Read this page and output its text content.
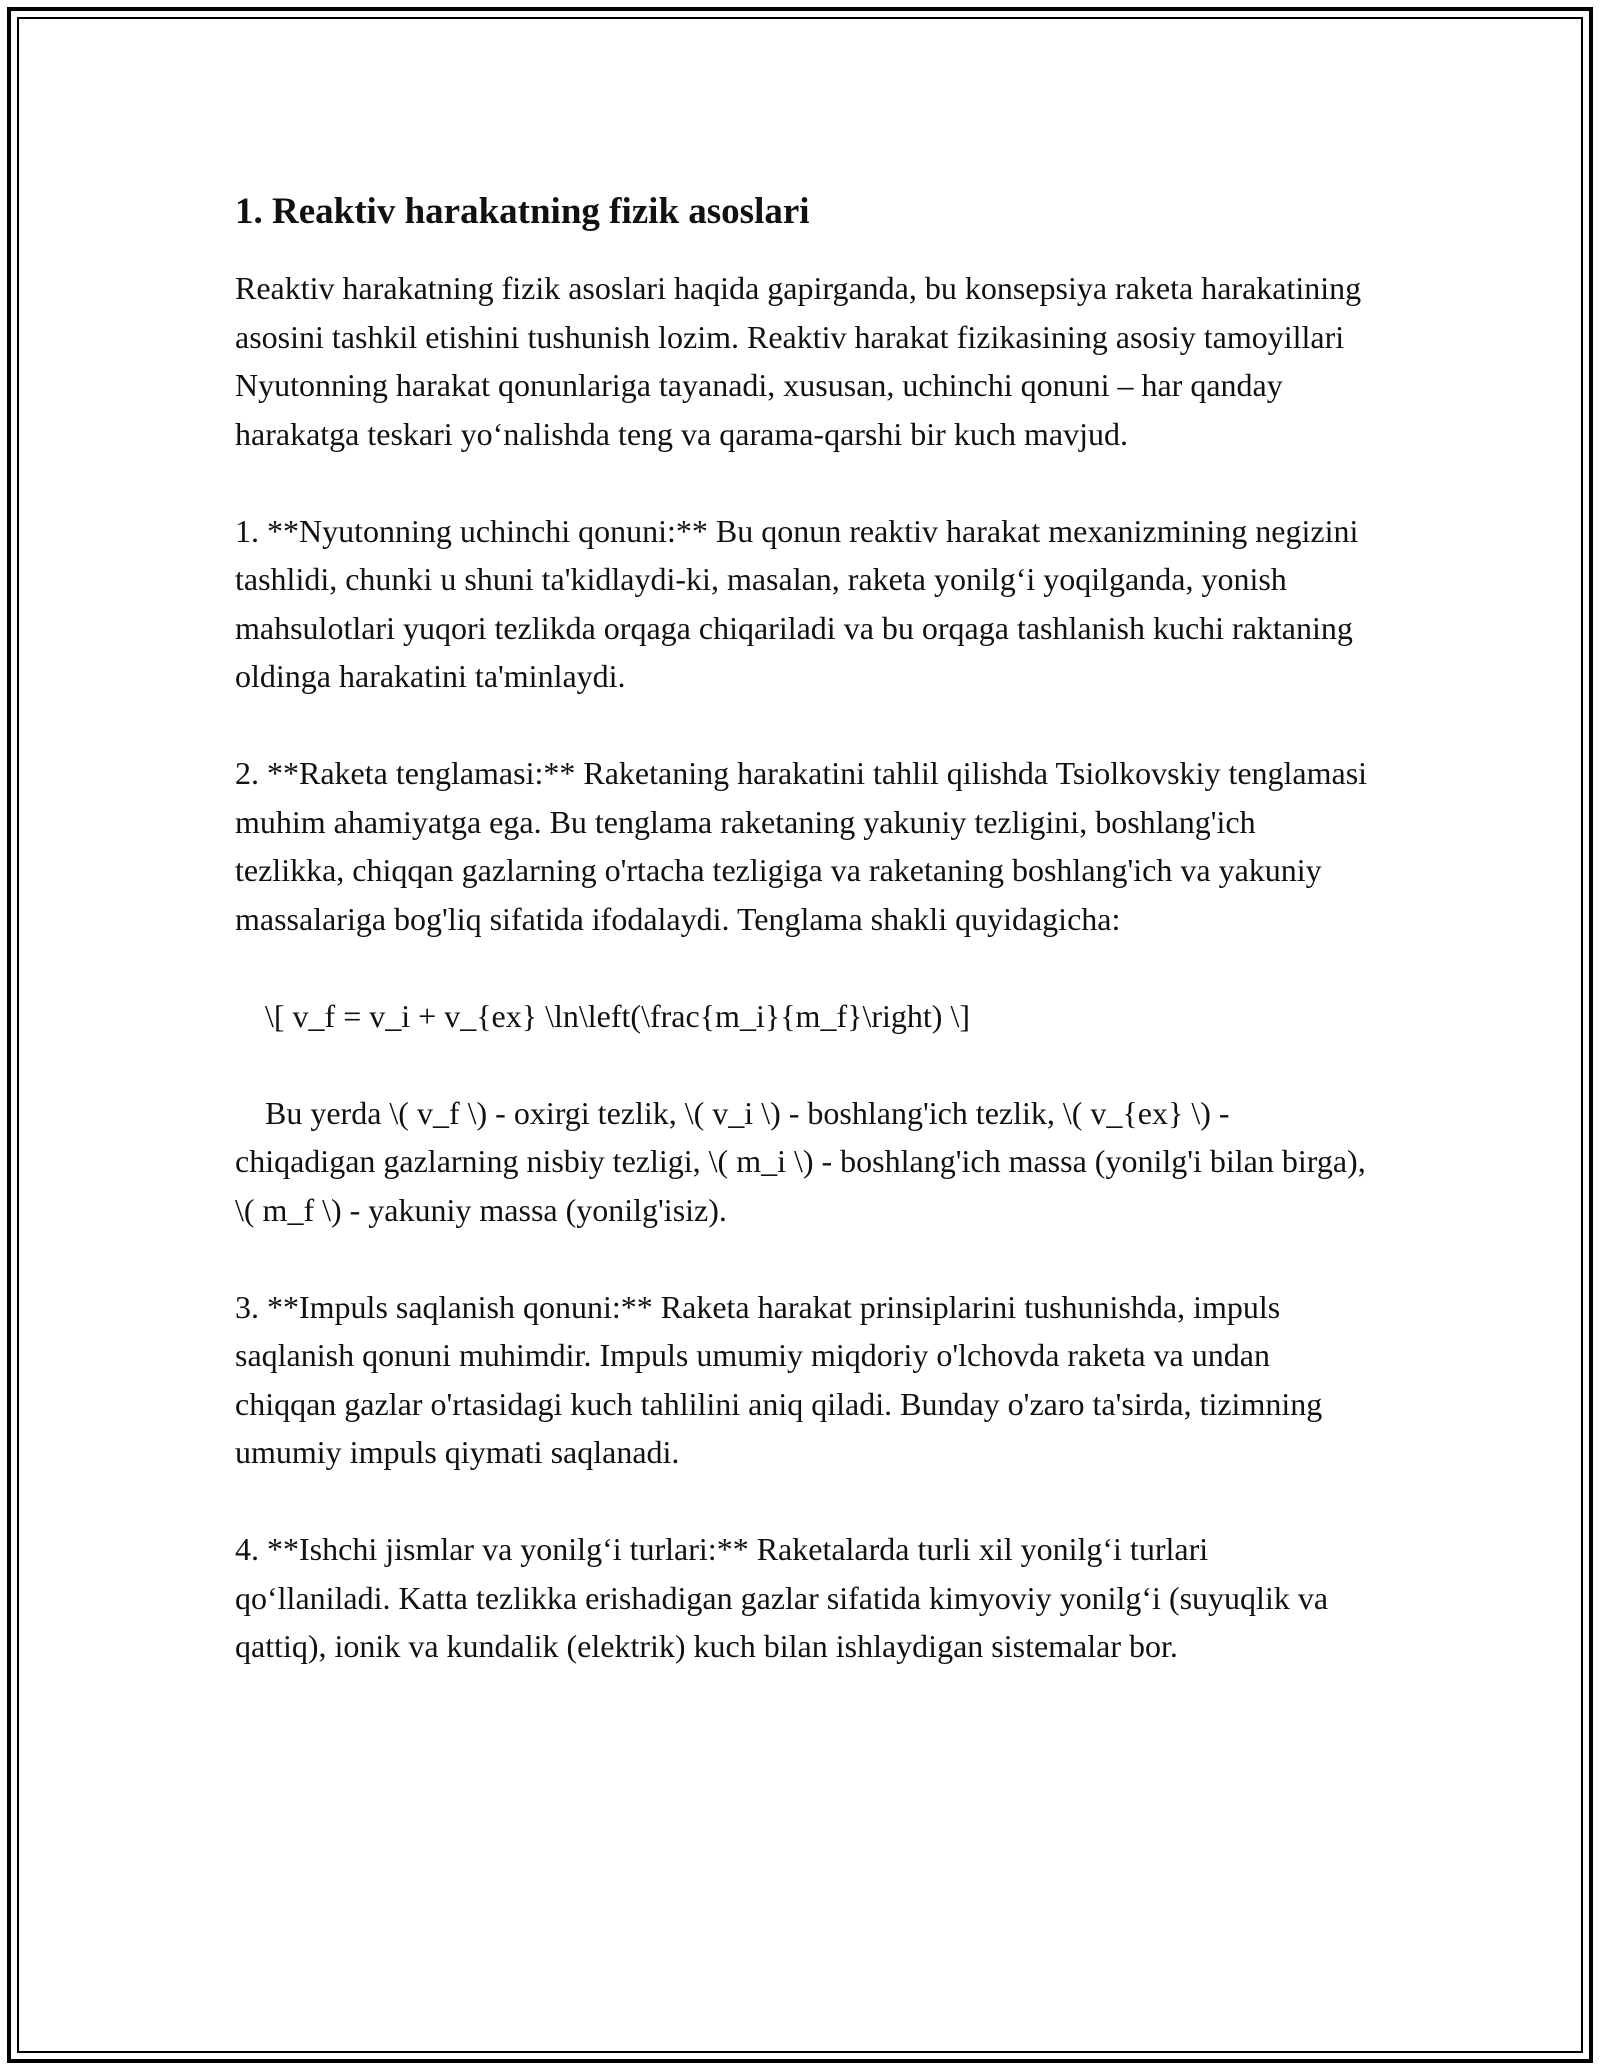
1. Reaktiv harakatning fizik asoslari

Reaktiv harakatning fizik asoslari haqida gapirganda, bu konsepsiya raketa harakatining asosini tashkil etishini tushunish lozim. Reaktiv harakat fizikasining asosiy tamoyillari Nyutonning harakat qonunlariga tayanadi, xususan, uchinchi qonuni – har qanday harakatga teskari yo‘nalishda teng va qarama-qarshi bir kuch mavjud.

1. **Nyutonning uchinchi qonuni:** Bu qonun reaktiv harakat mexanizmining negizini tashlidi, chunki u shuni ta'kidlaydi-ki, masalan, raketa yonilg‘i yoqilganda, yonish mahsulotlari yuqori tezlikda orqaga chiqariladi va bu orqaga tashlanish kuchi raktaning oldinga harakatini ta'minlaydi.

2. **Raketa tenglamasi:** Raketaning harakatini tahlil qilishda Tsiolkovskiy tenglamasi muhim ahamiyatga ega. Bu tenglama raketaning yakuniy tezligini, boshlang'ich tezlikka, chiqqan gazlarning o'rtacha tezligiga va raketaning boshlang'ich va yakuniy massalariga bog'liq sifatida ifodalaydi. Tenglama shakli quyidagicha:

\[ v_f = v_i + v_{ex} \ln\left(\frac{m_i}{m_f}\right) \]

Bu yerda \( v_f \) - oxirgi tezlik, \( v_i \) - boshlang'ich tezlik, \( v_{ex} \) - chiqadigan gazlarning nisbiy tezligi, \( m_i \) - boshlang'ich massa (yonilg'i bilan birga), \( m_f \) - yakuniy massa (yonilg'isiz).

3. **Impuls saqlanish qonuni:** Raketa harakat prinsiplarini tushunishda, impuls saqlanish qonuni muhimdir. Impuls umumiy miqdoriy o'lchovda raketa va undan chiqqan gazlar o'rtasidagi kuch tahlilini aniq qiladi. Bunday o'zaro ta'sirda, tizimning umumiy impuls qiymati saqlanadi.

4. **Ishchi jismlar va yonilg‘i turlari:** Raketalarda turli xil yonilg‘i turlari qo‘llaniladi. Katta tezlikka erishadigan gazlar sifatida kimyoviy yonilg‘i (suyuqlik va qattiq), ionik va kundalik (elektrik) kuch bilan ishlaydigan sistemalar bor.
